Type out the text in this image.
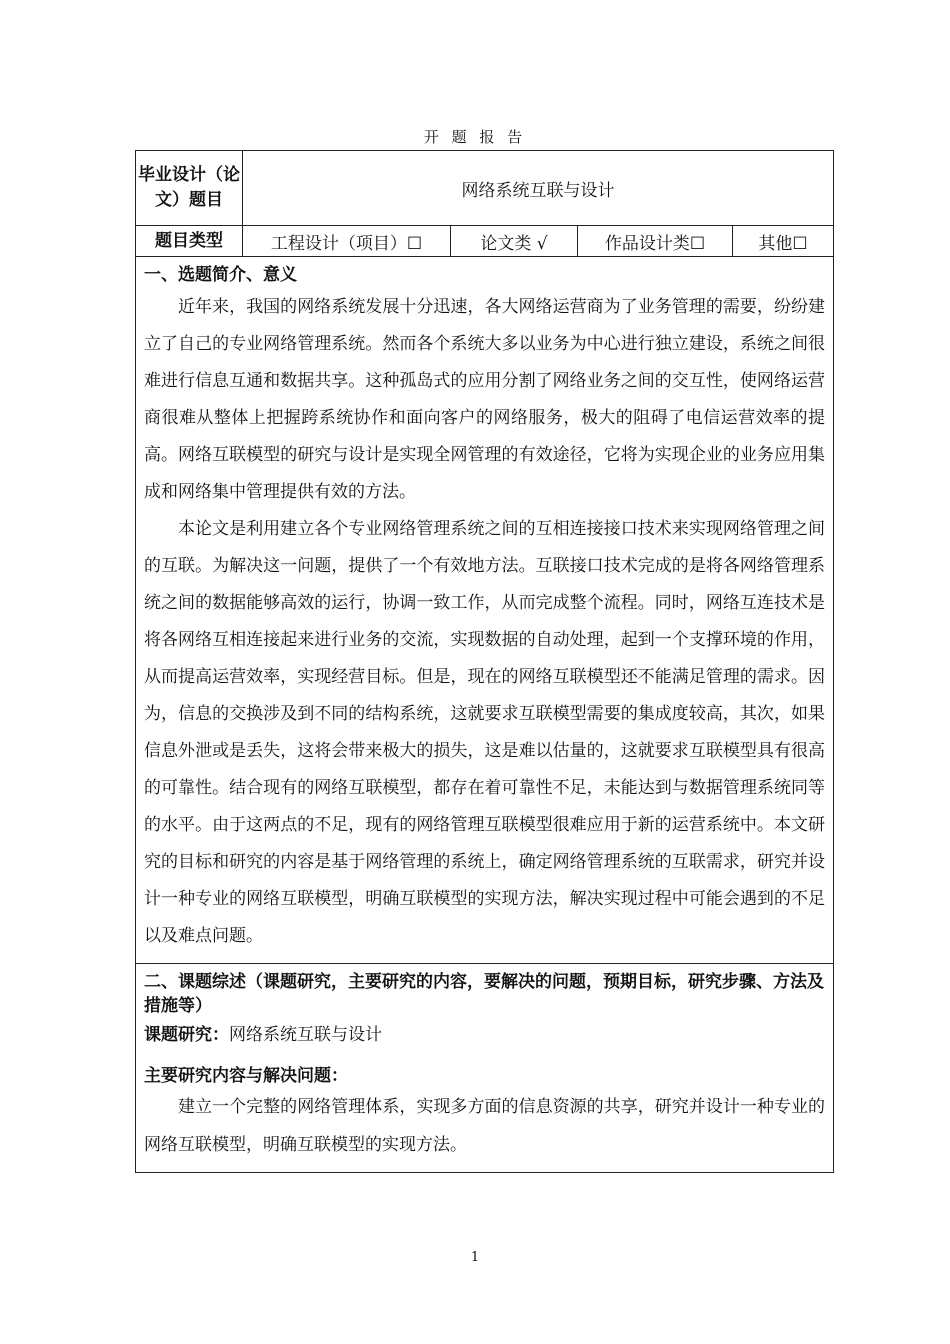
开 题 报 告
毕业设计（论文）题目	网络系统互联与设计			
题目类型	工程设计（项目）☐	论文类 √	作品设计类☐	其他☐

一、选题简介、意义

近年来，我国的网络系统发展十分迅速，各大网络运营商为了业务管理的需要，纷纷建立了自己的专业网络管理系统。然而各个系统大多以业务为中心进行独立建设，系统之间很难进行信息互通和数据共享。这种孤岛式的应用分割了网络业务之间的交互性，使网络运营商很难从整体上把握跨系统协作和面向客户的网络服务，极大的阻碍了电信运营效率的提高。网络互联模型的研究与设计是实现全网管理的有效途径，它将为实现企业的业务应用集成和网络集中管理提供有效的方法。

本论文是利用建立各个专业网络管理系统之间的互相连接接口技术来实现网络管理之间的互联。为解决这一问题，提供了一个有效地方法。互联接口技术完成的是将各网络管理系统之间的数据能够高效的运行，协调一致工作，从而完成整个流程。同时，网络互连技术是将各网络互相连接起来进行业务的交流，实现数据的自动处理，起到一个支撑环境的作用，从而提高运营效率，实现经营目标。但是，现在的网络互联模型还不能满足管理的需求。因为，信息的交换涉及到不同的结构系统，这就要求互联模型需要的集成度较高，其次，如果信息外泄或是丢失，这将会带来极大的损失，这是难以估量的，这就要求互联模型具有很高的可靠性。结合现有的网络互联模型，都存在着可靠性不足，未能达到与数据管理系统同等的水平。由于这两点的不足，现有的网络管理互联模型很难应用于新的运营系统中。本文研究的目标和研究的内容是基于网络管理的系统上，确定网络管理系统的互联需求，研究并设计一种专业的网络互联模型，明确互联模型的实现方法，解决实现过程中可能会遇到的不足以及难点问题。				

二、课题综述（课题研究，主要研究的内容，要解决的问题，预期目标，研究步骤、方法及措施等）
课题研究：网络系统互联与设计
主要研究内容与解决问题：

建立一个完整的网络管理体系，实现多方面的信息资源的共享，研究并设计一种专业的网络互联模型，明确互联模型的实现方法。				

1
